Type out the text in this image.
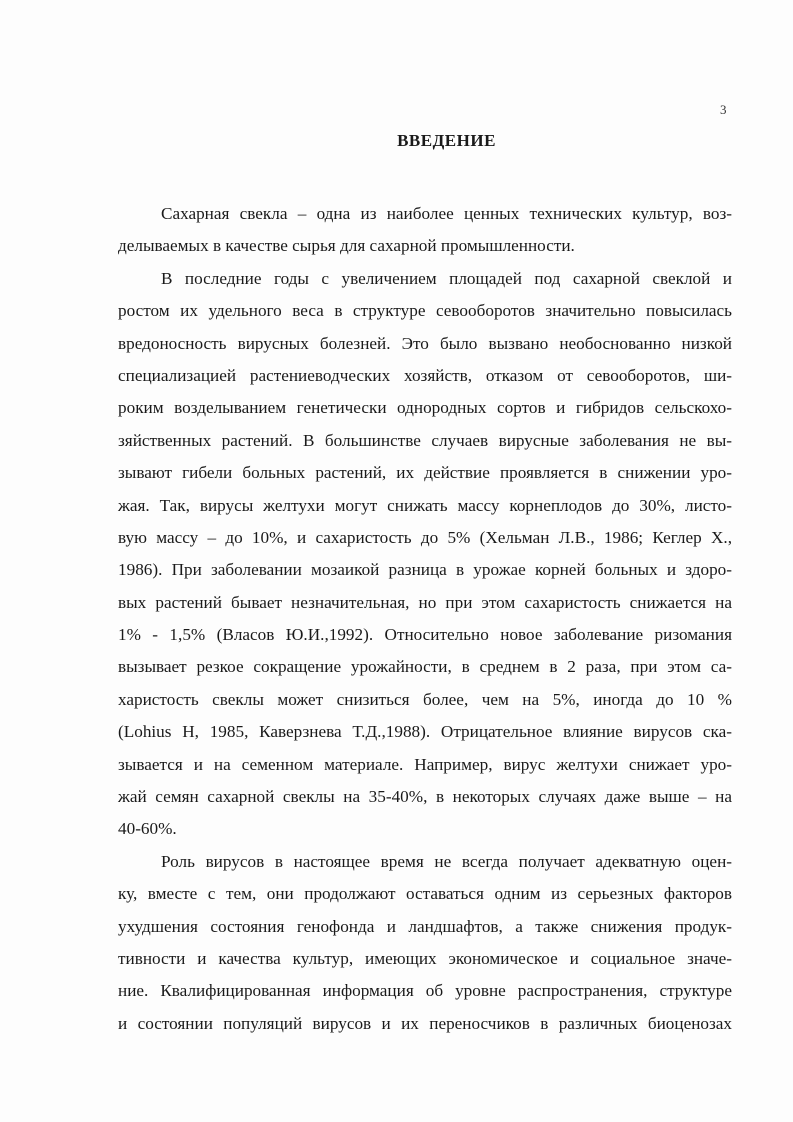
3
ВВЕДЕНИЕ
Сахарная свекла – одна из наиболее ценных технических культур, воз-
делываемых в качестве сырья для сахарной промышленности.
В последние годы с увеличением площадей под сахарной свеклой и
ростом их удельного веса в структуре севооборотов значительно повысилась
вредоносность вирусных болезней. Это было вызвано необоснованно низкой
специализацией растениеводческих хозяйств, отказом от севооборотов, ши-
роким возделыванием генетически однородных сортов и гибридов сельскохо-
зяйственных растений. В большинстве случаев вирусные заболевания не вы-
зывают гибели больных растений, их действие проявляется в снижении уро-
жая. Так, вирусы желтухи могут снижать массу корнеплодов до 30%, листо-
вую массу – до 10%, и сахаристость до 5% (Хельман Л.В., 1986; Кеглер Х.,
1986). При заболевании мозаикой разница в урожае корней больных и здоро-
вых растений бывает незначительная, но при этом сахаристость снижается на
1% - 1,5% (Власов Ю.И.,1992). Относительно новое заболевание ризомания
вызывает резкое сокращение урожайности, в среднем в 2 раза, при этом са-
харистость свеклы может снизиться более, чем на 5%, иногда до 10 %
(Lohius H, 1985, Каверзнева Т.Д.,1988). Отрицательное влияние вирусов ска-
зывается и на семенном материале. Например, вирус желтухи снижает уро-
жай семян сахарной свеклы на 35-40%, в некоторых случаях даже выше – на
40-60%.
Роль вирусов в настоящее время не всегда получает адекватную оцен-
ку, вместе с тем, они продолжают оставаться одним из серьезных факторов
ухудшения состояния генофонда и ландшафтов, а также снижения продук-
тивности и качества культур, имеющих экономическое и социальное значе-
ние. Квалифицированная информация об уровне распространения, структуре
и состоянии популяций вирусов и их переносчиков в различных биоценозах
